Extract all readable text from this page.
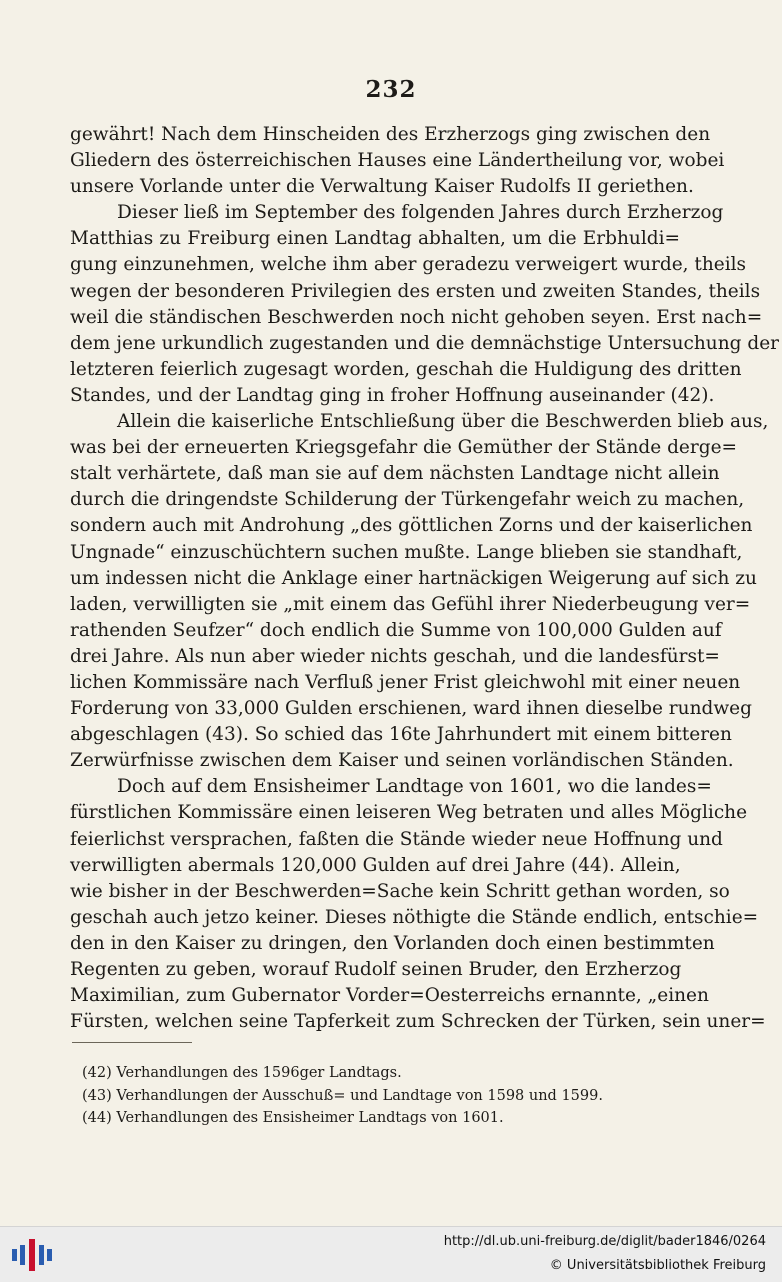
232
gewährt! Nach dem Hinscheiden des Erzherzogs ging zwischen den
Gliedern des österreichischen Hauses eine Ländertheilung vor, wobei
unsere Vorlande unter die Verwaltung Kaiser Rudolfs II geriethen.
Dieser ließ im September des folgenden Jahres durch Erzherzog
Matthias zu Freiburg einen Landtag abhalten, um die Erbhuldi=
gung einzunehmen, welche ihm aber geradezu verweigert wurde, theils
wegen der besonderen Privilegien des ersten und zweiten Standes, theils
weil die ständischen Beschwerden noch nicht gehoben seyen. Erst nach=
dem jene urkundlich zugestanden und die demnächstige Untersuchung der
letzteren feierlich zugesagt worden, geschah die Huldigung des dritten
Standes, und der Landtag ging in froher Hoffnung auseinander (42).
Allein die kaiserliche Entschließung über die Beschwerden blieb aus,
was bei der erneuerten Kriegsgefahr die Gemüther der Stände derge=
stalt verhärtete, daß man sie auf dem nächsten Landtage nicht allein
durch die dringendste Schilderung der Türkengefahr weich zu machen,
sondern auch mit Androhung „des göttlichen Zorns und der kaiserlichen
Ungnade“ einzuschüchtern suchen mußte. Lange blieben sie standhaft,
um indessen nicht die Anklage einer hartnäckigen Weigerung auf sich zu
laden, verwilligten sie „mit einem das Gefühl ihrer Niederbeugung ver=
rathenden Seufzer“ doch endlich die Summe von 100,000 Gulden auf
drei Jahre. Als nun aber wieder nichts geschah, und die landesfürst=
lichen Kommissäre nach Verfluß jener Frist gleichwohl mit einer neuen
Forderung von 33,000 Gulden erschienen, ward ihnen dieselbe rundweg
abgeschlagen (43). So schied das 16te Jahrhundert mit einem bitteren
Zerwürfnisse zwischen dem Kaiser und seinen vorländischen Ständen.
Doch auf dem Ensisheimer Landtage von 1601, wo die landes=
fürstlichen Kommissäre einen leiseren Weg betraten und alles Mögliche
feierlichst versprachen, faßten die Stände wieder neue Hoffnung und
verwilligten abermals 120,000 Gulden auf drei Jahre (44). Allein,
wie bisher in der Beschwerden=Sache kein Schritt gethan worden, so
geschah auch jetzo keiner. Dieses nöthigte die Stände endlich, entschie=
den in den Kaiser zu dringen, den Vorlanden doch einen bestimmten
Regenten zu geben, worauf Rudolf seinen Bruder, den Erzherzog
Maximilian, zum Gubernator Vorder=Oesterreichs ernannte, „einen
Fürsten, welchen seine Tapferkeit zum Schrecken der Türken, sein uner=
(42) Verhandlungen des 1596ger Landtags.
(43) Verhandlungen der Ausschuß= und Landtage von 1598 und 1599.
(44) Verhandlungen des Ensisheimer Landtags von 1601.
http://dl.ub.uni-freiburg.de/diglit/bader1846/0264
© Universitätsbibliothek Freiburg
